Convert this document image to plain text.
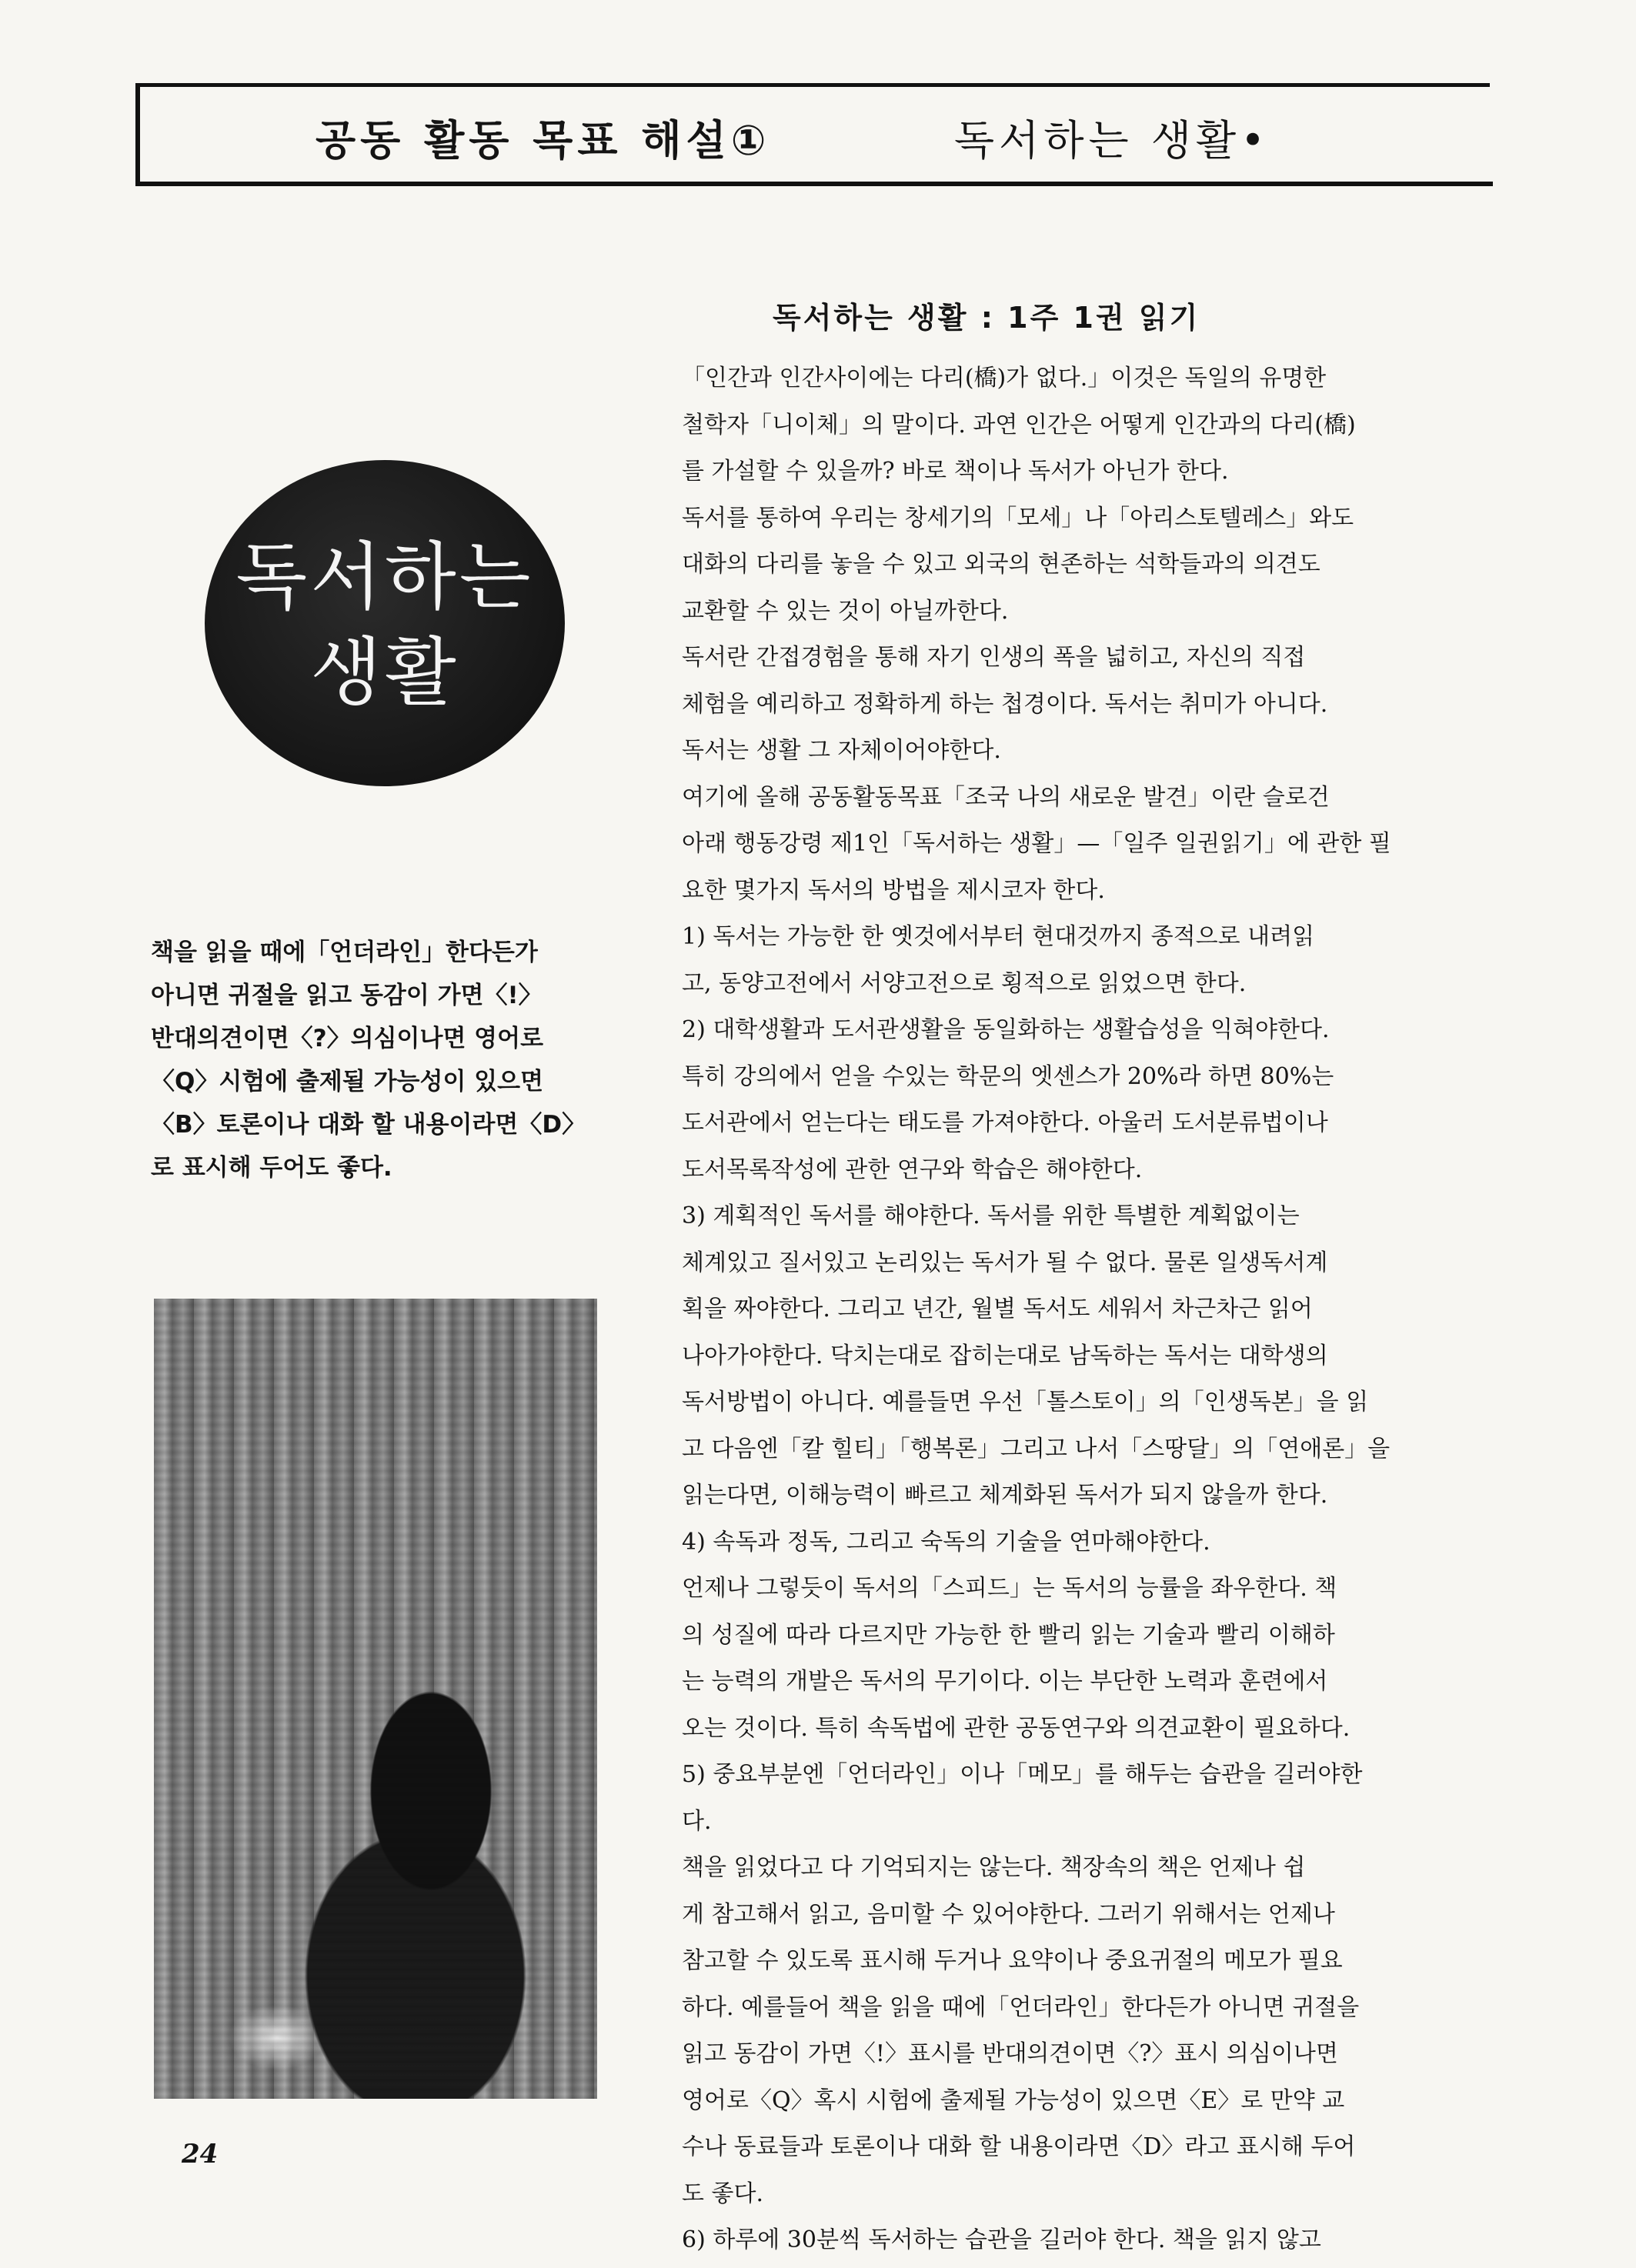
공동 활동 목표 해설①	독서하는 생활•
독서하는
생활

책을 읽을 때에「언더라인」한다든가

아니면 귀절을 읽고 동감이 가면〈!〉

반대의견이면〈?〉의심이나면 영어로

〈Q〉시험에 출제될 가능성이 있으면

〈B〉토론이나 대화 할 내용이라면〈D〉

로 표시해 두어도 좋다.

독서하는 생활 : 1주 1권 읽기

「인간과 인간사이에는 다리(橋)가 없다.」이것은 독일의 유명한

철학자「니이체」의 말이다. 과연 인간은 어떻게 인간과의 다리(橋)

를 가설할 수 있을까? 바로 책이나 독서가 아닌가 한다.

독서를 통하여 우리는 창세기의「모세」나「아리스토텔레스」와도

대화의 다리를 놓을 수 있고 외국의 현존하는 석학들과의 의견도

교환할 수 있는 것이 아닐까한다.

독서란 간접경험을 통해 자기 인생의 폭을 넓히고, 자신의 직접

체험을 예리하고 정확하게 하는 첩경이다. 독서는 취미가 아니다.

독서는 생활 그 자체이어야한다.

여기에 올해 공동활동목표「조국 나의 새로운 발견」이란 슬로건

아래 행동강령 제1인「독서하는 생활」—「일주 일권읽기」에 관한 필

요한 몇가지 독서의 방법을 제시코자 한다.

1) 독서는 가능한 한 옛것에서부터 현대것까지 종적으로 내려읽

고, 동양고전에서 서양고전으로 횡적으로 읽었으면 한다.

2) 대학생활과 도서관생활을 동일화하는 생활습성을 익혀야한다.

특히 강의에서 얻을 수있는 학문의 엣센스가 20%라 하면 80%는

도서관에서 얻는다는 태도를 가져야한다. 아울러 도서분류법이나

도서목록작성에 관한 연구와 학습은 해야한다.

3) 계획적인 독서를 해야한다. 독서를 위한 특별한 계획없이는

체계있고 질서있고 논리있는 독서가 될 수 없다. 물론 일생독서계

획을 짜야한다. 그리고 년간, 월별 독서도 세워서 차근차근 읽어

나아가야한다. 닥치는대로 잡히는대로 남독하는 독서는 대학생의

독서방법이 아니다. 예를들면 우선「톨스토이」의「인생독본」을 읽

고 다음엔「칼 힐티」「행복론」그리고 나서「스땅달」의「연애론」을

읽는다면, 이해능력이 빠르고 체계화된 독서가 되지 않을까 한다.

4) 속독과 정독, 그리고 숙독의 기술을 연마해야한다.

언제나 그렇듯이 독서의「스피드」는 독서의 능률을 좌우한다. 책

의 성질에 따라 다르지만 가능한 한 빨리 읽는 기술과 빨리 이해하

는 능력의 개발은 독서의 무기이다. 이는 부단한 노력과 훈련에서

오는 것이다. 특히 속독법에 관한 공동연구와 의견교환이 필요하다.

5) 중요부분엔「언더라인」이나「메모」를 해두는 습관을 길러야한

다.

책을 읽었다고 다 기억되지는 않는다. 책장속의 책은 언제나 쉽

게 참고해서 읽고, 음미할 수 있어야한다. 그러기 위해서는 언제나

참고할 수 있도록 표시해 두거나 요약이나 중요귀절의 메모가 필요

하다. 예를들어 책을 읽을 때에「언더라인」한다든가 아니면 귀절을

읽고 동감이 가면〈!〉표시를 반대의견이면〈?〉표시 의심이나면

영어로〈Q〉혹시 시험에 출제될 가능성이 있으면〈E〉로 만약 교

수나 동료들과 토론이나 대화 할 내용이라면〈D〉라고 표시해 두어

도 좋다.

6) 하루에 30분씩 독서하는 습관을 길러야 한다. 책을 읽지 않고

24
